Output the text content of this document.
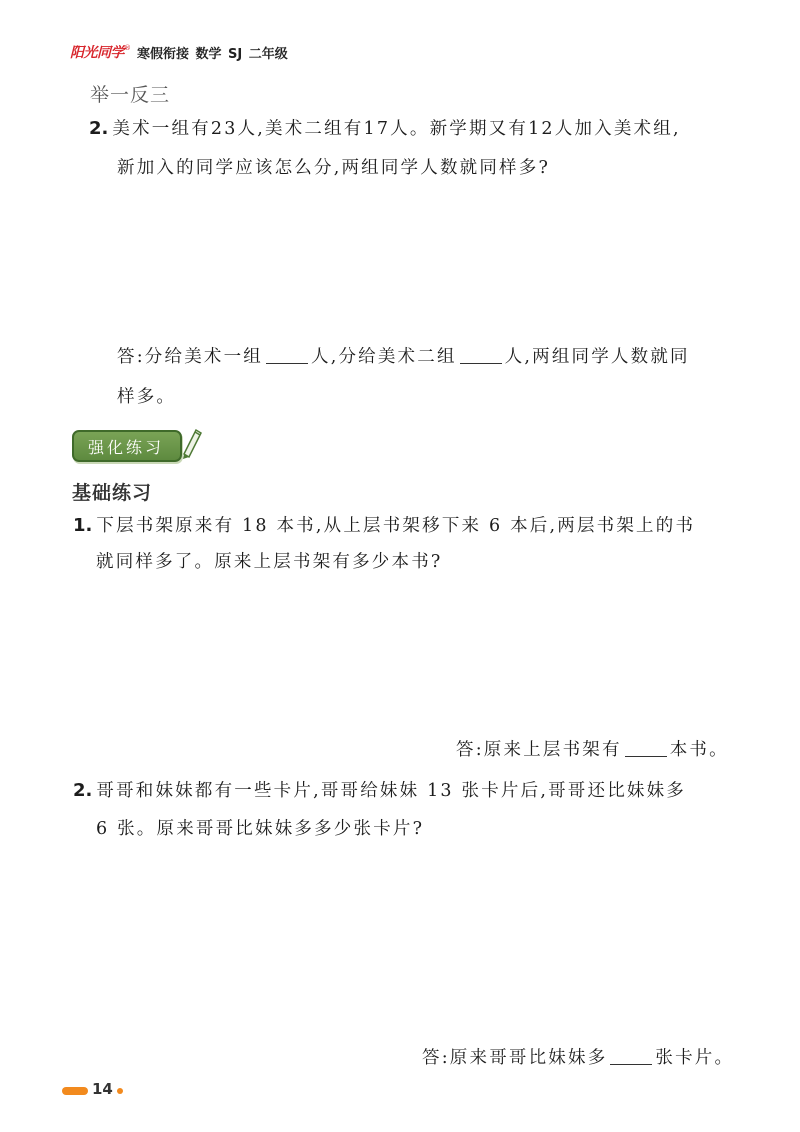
阳光同学 ® 寒假衔接 数学 SJ 二年级
举一反三
2. 美术一组有23人,美术二组有17人。新学期又有12人加入美术组,
新加入的同学应该怎么分,两组同学人数就同样多?
答:分给美术一组	人,分给美术二组	人,两组同学人数就同
样多。
强化练习
基础练习
1. 下层书架原来有 18 本书,从上层书架移下来 6 本后,两层书架上的书
就同样多了。原来上层书架有多少本书?
答:原来上层书架有	本书。
2. 哥哥和妹妹都有一些卡片,哥哥给妹妹 13 张卡片后,哥哥还比妹妹多
6 张。原来哥哥比妹妹多多少张卡片?
答:原来哥哥比妹妹多	张卡片。
14
